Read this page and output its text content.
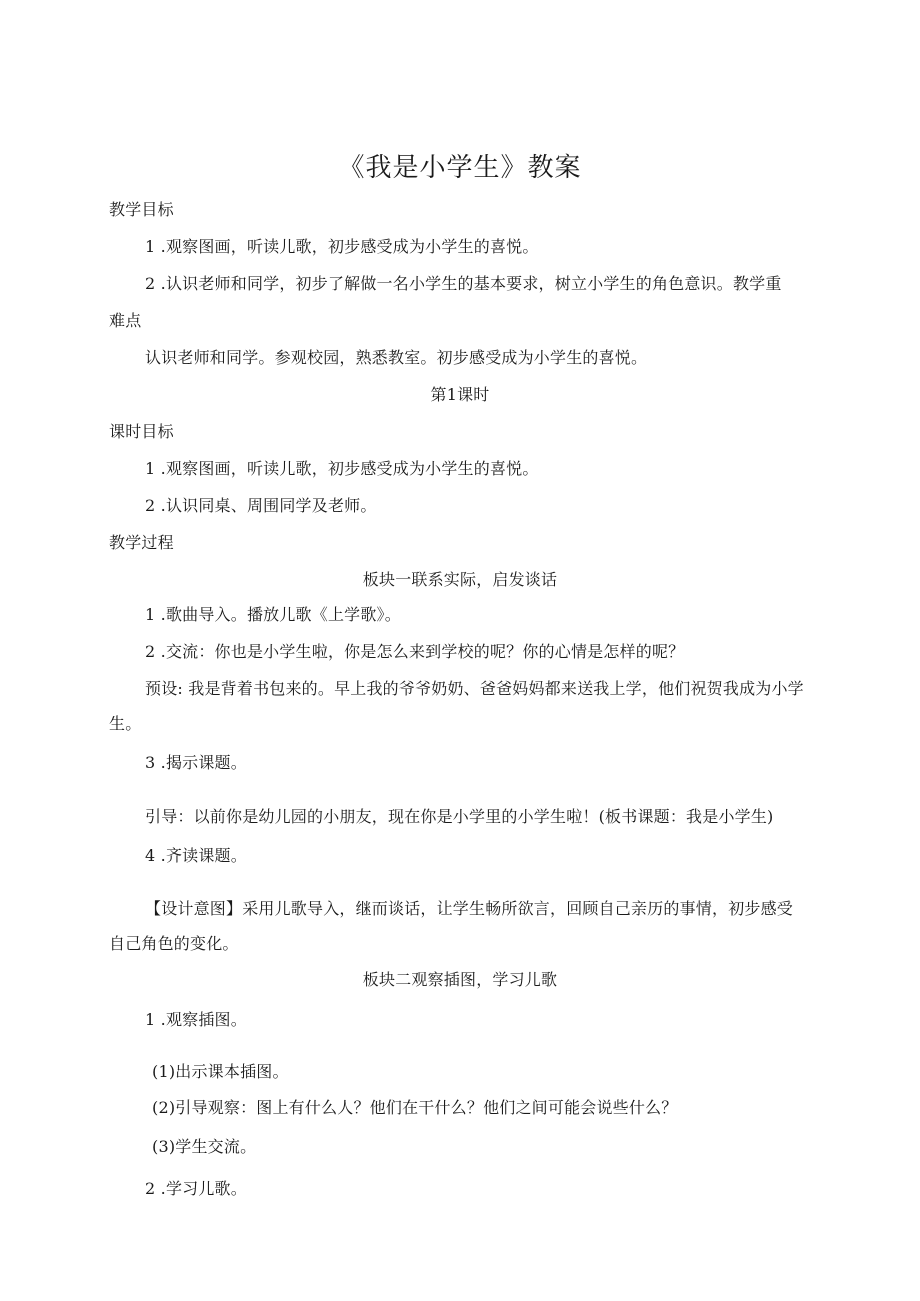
《我是小学生》教案
教学目标
1 .观察图画，听读儿歌，初步感受成为小学生的喜悦。
2 .认识老师和同学，初步了解做一名小学生的基本要求，树立小学生的角色意识。教学重
难点
认识老师和同学。参观校园，熟悉教室。初步感受成为小学生的喜悦。
第1课时
课时目标
1 .观察图画，听读儿歌，初步感受成为小学生的喜悦。
2 .认识同桌、周围同学及老师。
教学过程
板块一联系实际，启发谈话
1 .歌曲导入。播放儿歌《上学歌》。
2 .交流：你也是小学生啦，你是怎么来到学校的呢？你的心情是怎样的呢？
预设: 我是背着书包来的。早上我的爷爷奶奶、爸爸妈妈都来送我上学，他们祝贺我成为小学
生。
3 .揭示课题。
引导：以前你是幼儿园的小朋友，现在你是小学里的小学生啦！(板书课题：我是小学生)
4 .齐读课题。
【设计意图】采用儿歌导入，继而谈话，让学生畅所欲言，回顾自己亲历的事情，初步感受
自己角色的变化。
板块二观察插图，学习儿歌
1 .观察插图。
(1)出示课本插图。
(2)引导观察：图上有什么人？他们在干什么？他们之间可能会说些什么？
(3)学生交流。
2 .学习儿歌。
